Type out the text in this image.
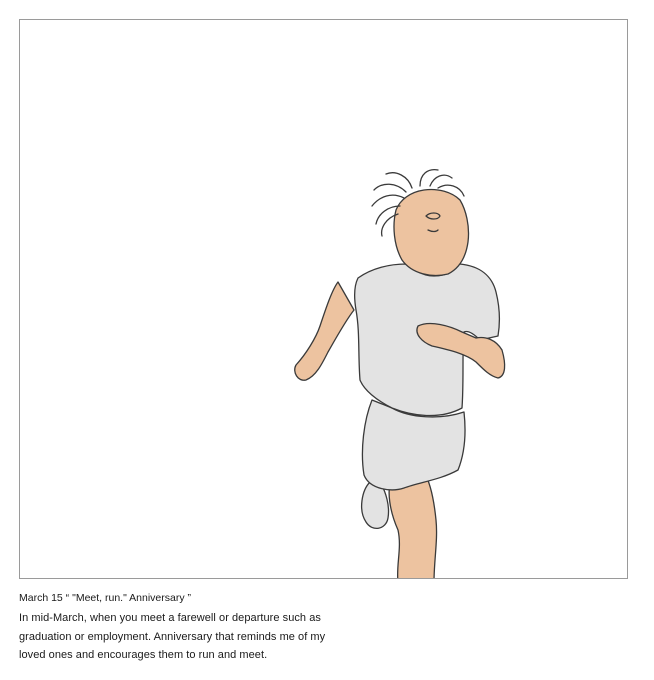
March 15 “ "Meet, run." Anniversary ”

In mid-March, when you meet a farewell or departure such as
graduation or employment. Anniversary that reminds me of my
loved ones and encourages them to run and meet.
